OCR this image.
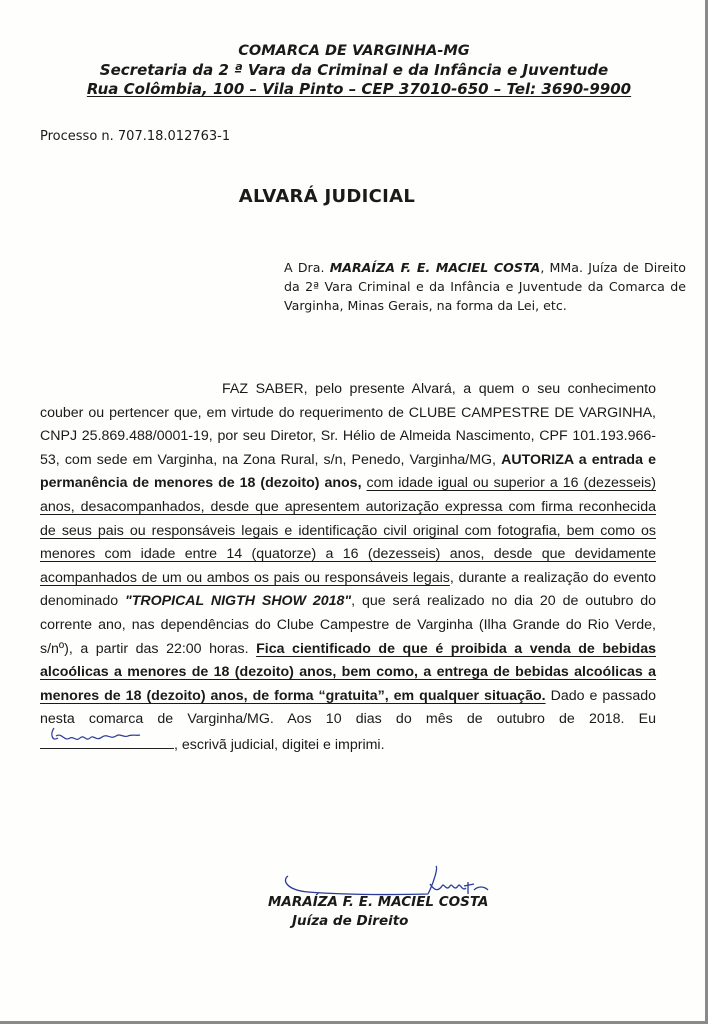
COMARCA DE VARGINHA-MG
Secretaria da 2 ª Vara da Criminal e da Infância e Juventude
Rua Colômbia, 100 – Vila Pinto – CEP 37010-650 – Tel: 3690-9900
Processo n. 707.18.012763-1
ALVARÁ JUDICIAL
A Dra. MARAÍZA F. E. MACIEL COSTA, MMa. Juíza de Direito da 2ª Vara Criminal e da Infância e Juventude da Comarca de Varginha, Minas Gerais, na forma da Lei, etc.
FAZ SABER, pelo presente Alvará, a quem o seu conhecimento couber ou pertencer que, em virtude do requerimento de CLUBE CAMPESTRE DE VARGINHA, CNPJ 25.869.488/0001-19, por seu Diretor, Sr. Hélio de Almeida Nascimento, CPF 101.193.966-53, com sede em Varginha, na Zona Rural, s/n, Penedo, Varginha/MG, AUTORIZA a entrada e permanência de menores de 18 (dezoito) anos, com idade igual ou superior a 16 (dezesseis) anos, desacompanhados, desde que apresentem autorização expressa com firma reconhecida de seus pais ou responsáveis legais e identificação civil original com fotografia, bem como os menores com idade entre 14 (quatorze) a 16 (dezesseis) anos, desde que devidamente acompanhados de um ou ambos os pais ou responsáveis legais, durante a realização do evento denominado "TROPICAL NIGTH SHOW 2018", que será realizado no dia 20 de outubro do corrente ano, nas dependências do Clube Campestre de Varginha (Ilha Grande do Rio Verde, s/nº), a partir das 22:00 horas. Fica cientificado de que é proibida a venda de bebidas alcoólicas a menores de 18 (dezoito) anos, bem como, a entrega de bebidas alcoólicas a menores de 18 (dezoito) anos, de forma “gratuita”, em qualquer situação. Dado e passado nesta comarca de Varginha/MG. Aos 10 dias do mês de outubro de 2018. Eu
, escrivã judicial, digitei e imprimi.
MARAÍZA F. E. MACIEL COSTA
Juíza de Direito
